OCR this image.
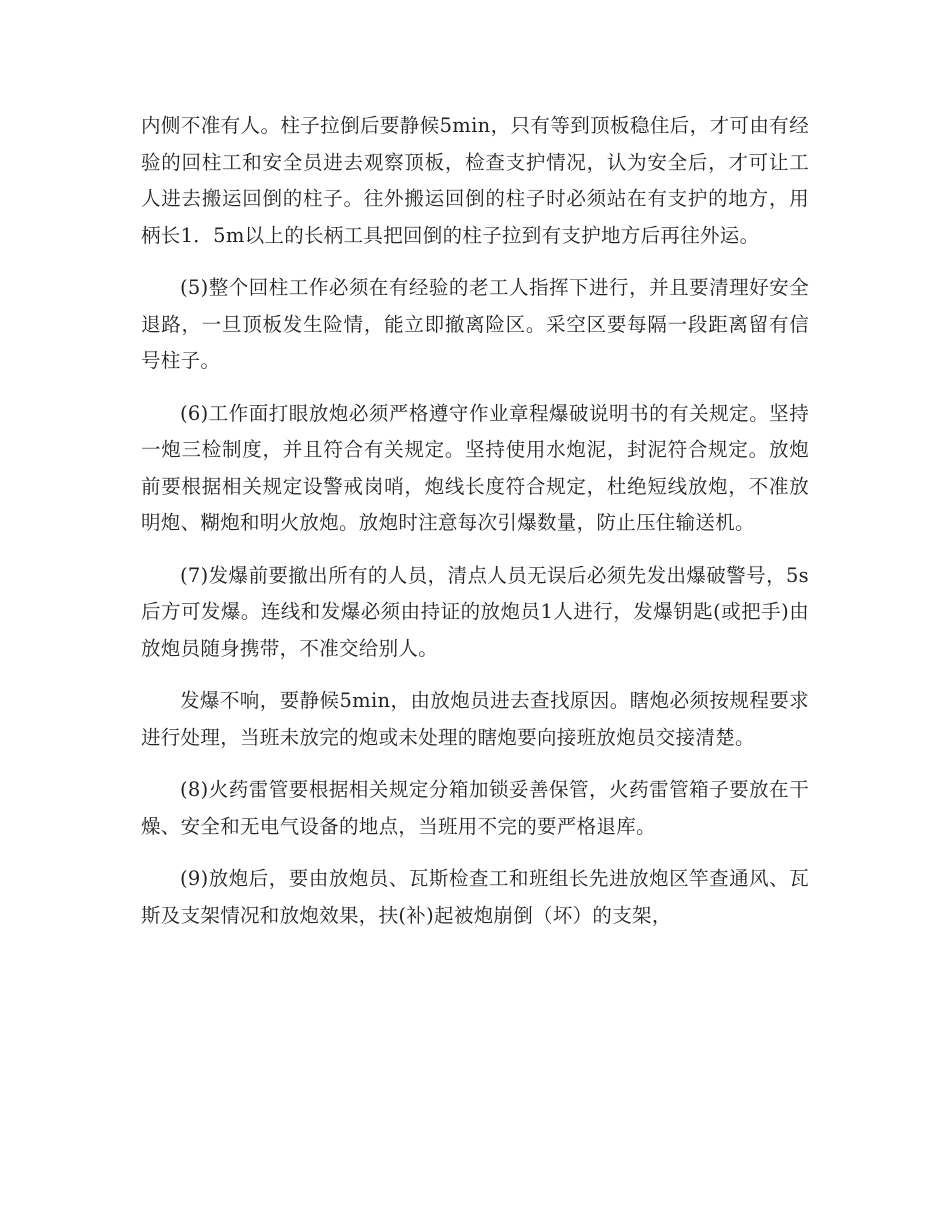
内侧不准有人。柱子拉倒后要静候5min，只有等到顶板稳住后，才可由有经验的回柱工和安全员进去观察顶板，检查支护情况，认为安全后，才可让工人进去搬运回倒的柱子。往外搬运回倒的柱子时必须站在有支护的地方，用柄长1．5m以上的长柄工具把回倒的柱子拉到有支护地方后再往外运。

(5)整个回柱工作必须在有经验的老工人指挥下进行，并且要清理好安全退路，一旦顶板发生险情，能立即撤离险区。采空区要每隔一段距离留有信号柱子。

(6)工作面打眼放炮必须严格遵守作业章程爆破说明书的有关规定。坚持一炮三检制度，并且符合有关规定。坚持使用水炮泥，封泥符合规定。放炮前要根据相关规定设警戒岗哨，炮线长度符合规定，杜绝短线放炮，不准放明炮、糊炮和明火放炮。放炮时注意每次引爆数量，防止压住输送机。

(7)发爆前要撤出所有的人员，清点人员无误后必须先发出爆破警号，5s后方可发爆。连线和发爆必须由持证的放炮员1人进行，发爆钥匙(或把手)由放炮员随身携带，不准交给别人。

发爆不响，要静候5min，由放炮员进去查找原因。瞎炮必须按规程要求进行处理，当班未放完的炮或未处理的瞎炮要向接班放炮员交接清楚。

(8)火药雷管要根据相关规定分箱加锁妥善保管，火药雷管箱子要放在干燥、安全和无电气设备的地点，当班用不完的要严格退库。

(9)放炮后，要由放炮员、瓦斯检查工和班组长先进放炮区竿查通风、瓦斯及支架情况和放炮效果，扶(补)起被炮崩倒（坏）的支架，
